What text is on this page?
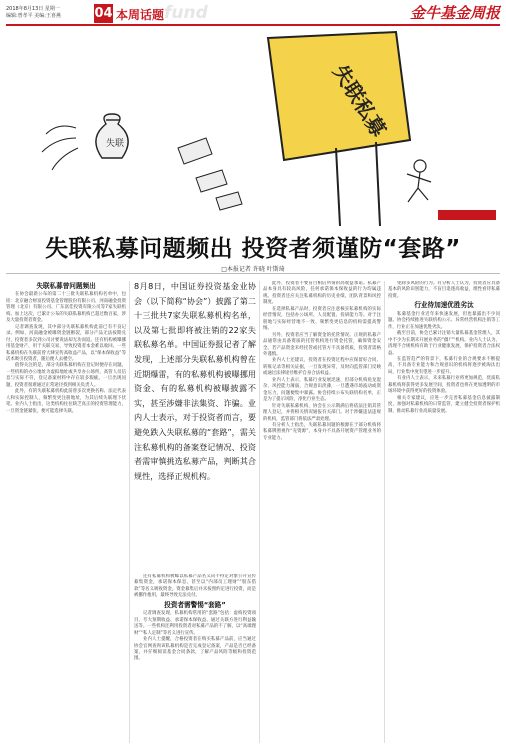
2018年8月13日 星期一
编辑:曾孝平 美编:王喜燕	04 本周话题 fund	金牛基金周报
失联
失联私募
失联私募问题频出 投资者须谨防“套路”
□本报记者 许晓 叶斯琦
失联私募曾问题频出

在协会最新公布的第二十三批失联私募机构名单中，包括：北京融合财富投资基金管理股份有限公司、河南融金投资管理（北京）有限公司、广东富佳投资有限公司等7家失联机构。加上这次，已累计公布的失联私募机构已超过数百家，涉及大量投资者资金。

记者调查发现，其中部分失联私募机构此前已有不良记录。例如，河南融金被曝资金链断裂，部分产品无法按期兑付，投资者多次到公司讨要说法却无功而返。还有机构被曝挪用基金财产，用于关联交易，导致投资者本金难以收回。一些私募机构在失联前曾大肆宣传高收益产品，以“保本保收益”等话术吸引投资者，随后便人去楼空。

值得关注的是，部分失联私募机构在登记时便存在问题。一些机构的办公地址为虚拟地址或共享办公场所，高管人员信息与实际不符，登记备案材料中存在较多瑕疵。一旦出现问题，投资者很难通过正常途径找到相关负责人。

此外，有的失联私募机构此前曾多次更换名称、法定代表人和实际控制人，频繁变更注册地址，为其后续失联埋下伏笔。业内人士指出，这类机构往往缺乏真正的投资管理能力，一旦资金链紧张，便可能选择失联。

8月8日，中国证券投资基金业协会（以下简称“协会”）披露了第二十三批共7家失联私募机构名单，以及第七批即将被注销的22家失联私募名单。中国证券报记者了解发现，上述部分失联私募机构曾在近期爆雷，有的私募机构被曝挪用资金、有的私募机构被曝披露不实，甚至涉嫌非法集资、诈骗。业内人士表示，对于投资者而言，要避免跌入失联私募的“套路”，需关注私募机构的备案登记情况、投资者需审慎挑选私募产品，判断其合规性，选择正规机构。

还有私募机构被曝以私募产品名义向不特定对象公开宣传募集资金，承诺保本保息，甚至以“内部员工理财”“股东借款”等名义吸收资金。资金募集后并未按照约定进行投资，而是被挪作他用，最终导致无法兑付。

投资者需警惕“套路”

记者调查发现，私募机构常用的“套路”包括：虚构投资项目、夸大预期收益、承诺保本保收益、通过关联方进行利益输送等。一些机构还利用投资者对私募产品的不了解，以“高端理财”“私人定制”等名义进行宣传。

业内人士提醒，合格投资者在购买私募产品前，应当通过协会官网查询该私募机构是否完成登记备案，产品是否已经备案，并仔细阅读基金合同条款，了解产品风险等级和投资范围。

此外，投资者不要盲目相信所谓的高收益承诺。私募产品本身具有较高风险，任何承诺保本保收益的行为均属违规。投资者还应关注私募机构的历史业绩、团队背景和风控制度。

在选择私募产品时，投资者应注意核实私募机构的实际经营情况，包括办公场所、人员配置、投研能力等。对于注册地与实际经营地不一致、频繁变更信息的机构需提高警惕。

另外，投资者应当了解资金的托管情况。正规的私募产品通常由具备资质的托管机构进行资金托管，确保资金安全。若产品资金未经托管或托管方不具备资质，投资者需格外谨慎。

业内人士还建议，投资者在投资过程中应保留好合同、转账记录等相关证据，一旦发现异常，及时向监管部门反映或通过法律途径维护自身合法权益。

业内人士表示，私募行业发展迅速，但部分机构鱼龙混杂，风控能力薄弱，合规意识淡薄，一旦遭遇市场波动或资金压力，问题便集中暴露。协会持续公布失联机构名单，正是为了提示风险，净化行业生态。

针对失联私募机构，协会在公示期满后将依法注销其管理人登记，并将相关情况通报有关部门。对于涉嫌违法违规的机构，监管部门将依法严肃处理。

有分析人士指出，失联私募问题的根源在于部分机构将私募牌照视作“壳资源”，本身并不具备开展资产管理业务的专业能力。

免除多风险的行为。有分析人士认为，投资者应具备基本的风险识别能力，不盲目追逐高收益，理性看待私募投资。

行业待加速优胜劣汰

私募基金行业近年来快速发展，但也暴露出不少问题。协会持续推进失联机构公示、异常经营机构注销等工作，行业正在加速优胜劣汰。

截至目前，协会已累计注销大量私募基金管理人，其中不少为长期未开展业务的“僵尸”机构。业内人士认为，清理不合规机构有助于行业健康发展，保护投资者合法权益。

在监管趋严的背景下，私募行业的合规要求不断提高，不具备专业能力和合规意识的机构将逐步被淘汰出局，行业集中度有望进一步提升。

有业内人士表示，未来私募行业将更加规范，优质私募机构将获得更多发展空间，投资者也将在更加透明的市场环境中获得更好的投资体验。

相关专家建议，应进一步完善私募基金信息披露制度，加强对私募机构的日常监管，建立健全投资者保护机制，推动私募行业高质量发展。
